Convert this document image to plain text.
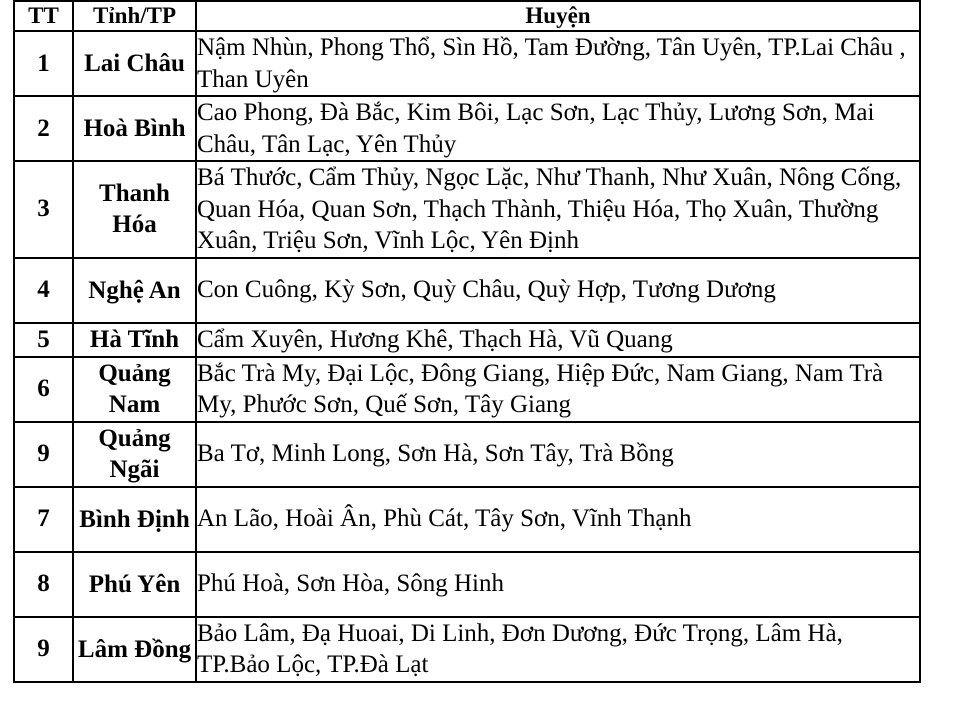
TT	Tỉnh/TP	Huyện
1	Lai Châu	Nậm Nhùn, Phong Thổ, Sìn Hồ, Tam Đường, Tân Uyên, TP.Lai Châu , Than Uyên
2	Hoà Bình	Cao Phong, Đà Bắc, Kim Bôi, Lạc Sơn, Lạc Thủy, Lương Sơn, Mai Châu, Tân Lạc, Yên Thủy
3	Thanh Hóa	Bá Thước, Cẩm Thủy, Ngọc Lặc, Như Thanh, Như Xuân, Nông Cống, Quan Hóa, Quan Sơn, Thạch Thành, Thiệu Hóa, Thọ Xuân, Thường Xuân, Triệu Sơn, Vĩnh Lộc, Yên Định
4	Nghệ An	Con Cuông, Kỳ Sơn, Quỳ Châu, Quỳ Hợp, Tương Dương
5	Hà Tĩnh	Cẩm Xuyên, Hương Khê, Thạch Hà, Vũ Quang
6	Quảng Nam	Bắc Trà My, Đại Lộc, Đông Giang, Hiệp Đức, Nam Giang, Nam Trà My, Phước Sơn, Quế Sơn, Tây Giang
9	Quảng Ngãi	Ba Tơ, Minh Long, Sơn Hà, Sơn Tây, Trà Bồng
7	Bình Định	An Lão, Hoài Ân, Phù Cát, Tây Sơn, Vĩnh Thạnh
8	Phú Yên	Phú Hoà, Sơn Hòa, Sông Hinh
9	Lâm Đồng	Bảo Lâm, Đạ Huoai, Di Linh, Đơn Dương, Đức Trọng, Lâm Hà, TP.Bảo Lộc, TP.Đà Lạt
